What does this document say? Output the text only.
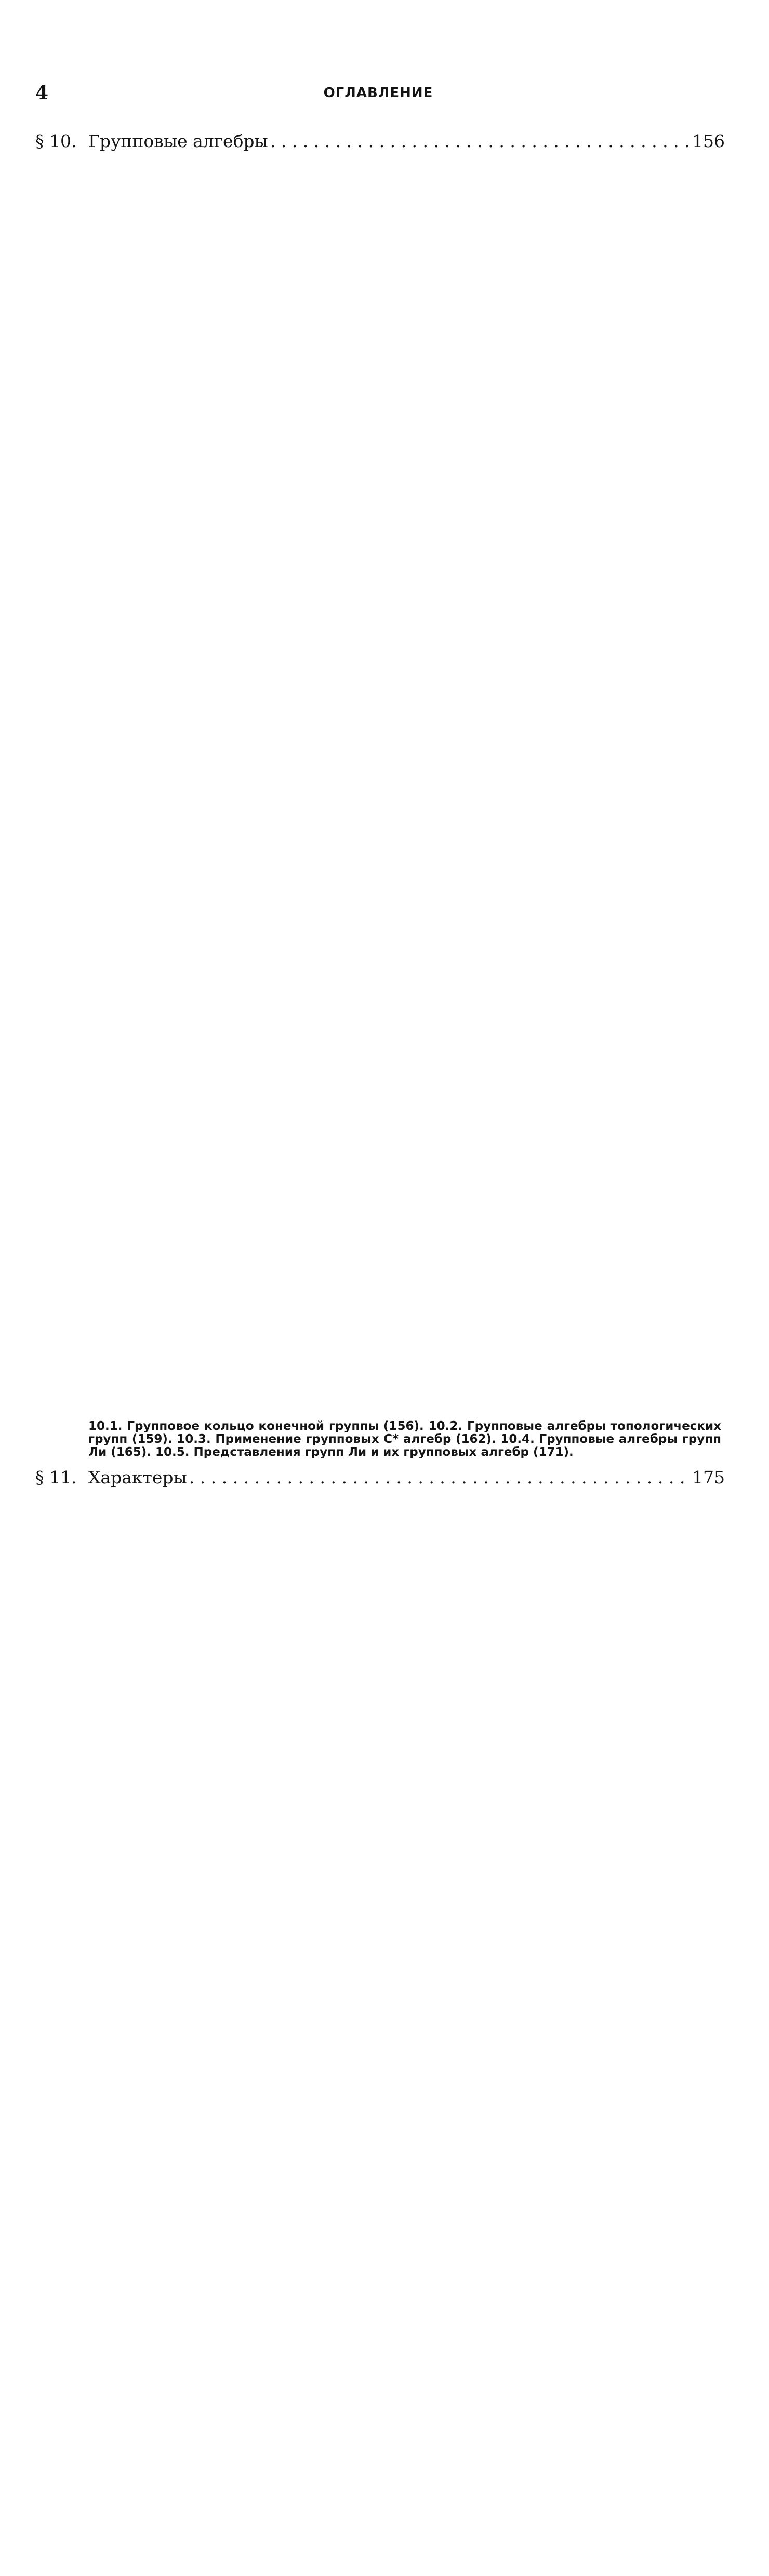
4	ОГЛАВЛЕНИЕ
§ 10. Групповые алгебры . . .	156
10.1. Групповое кольцо конечной группы (156). 10.2. Групповые алгебры топологических групп (159). 10.3. Применение групповых C* алгебр (162). 10.4. Групповые алгебры групп Ли (165). 10.5. Представления групп Ли и их групповых алгебр (171).
§ 11. Характеры . . .	175
